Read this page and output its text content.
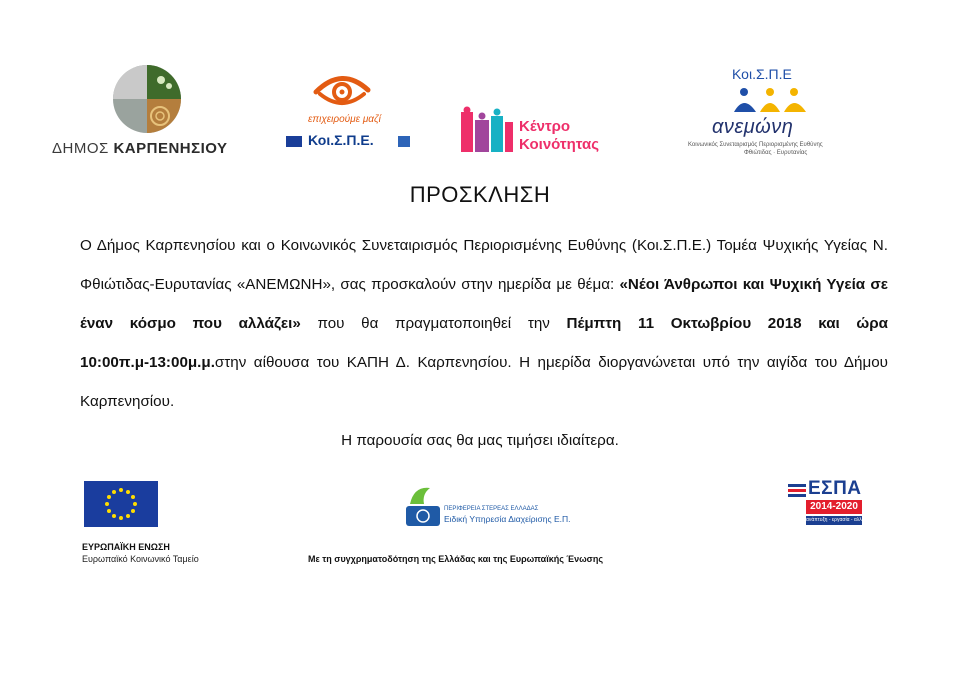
ΔΗΜΟΣ ΚΑΡΠΕΝΗΣΙΟΥ
επιχειρούμε μαζί
Κοι.Σ.Π.Ε.
Κέντρο
Κοινότητας
Κοι.Σ.Π.Ε
ανεμώνη
Κοινωνικός Συνεταιρισμός Περιορισμένης Ευθύνης
Φθιώτιδας · Ευρυτανίας
ΠΡΟΣΚΛΗΣΗ
Ο Δήμος Καρπενησίου και ο Κοινωνικός Συνεταιρισμός Περιορισμένης Ευθύνης (Κοι.Σ.Π.Ε.) Τομέα Ψυχικής Υγείας Ν. Φθιώτιδας-Ευρυτανίας «ΑΝΕΜΩΝΗ», σας προσκαλούν στην ημερίδα με θέμα: «Νέοι Άνθρωποι και Ψυχική Υγεία σε έναν κόσμο που αλλάζει» που θα πραγματοποιηθεί την Πέμπτη 11 Οκτωβρίου 2018 και ώρα 10:00π.μ-13:00μ.μ.στην αίθουσα του ΚΑΠΗ Δ. Καρπενησίου. Η ημερίδα διοργανώνεται υπό την αιγίδα του Δήμου Καρπενησίου.
Η παρουσία σας θα μας τιμήσει ιδιαίτερα.
ΕΥΡΩΠΑΪΚΗ ΕΝΩΣΗ
Ευρωπαϊκό Κοινωνικό Ταμείο
ΠΕΡΙΦΕΡΕΙΑ ΣΤΕΡΕΑΣ ΕΛΛΑΔΑΣ
Ειδική Υπηρεσία Διαχείρισης Ε.Π.
Με τη συγχρηματοδότηση της Ελλάδας και της Ευρωπαϊκής Ένωσης
ΕΣΠΑ
2014-2020
ανάπτυξη - εργασία - αλληλεγγύη
